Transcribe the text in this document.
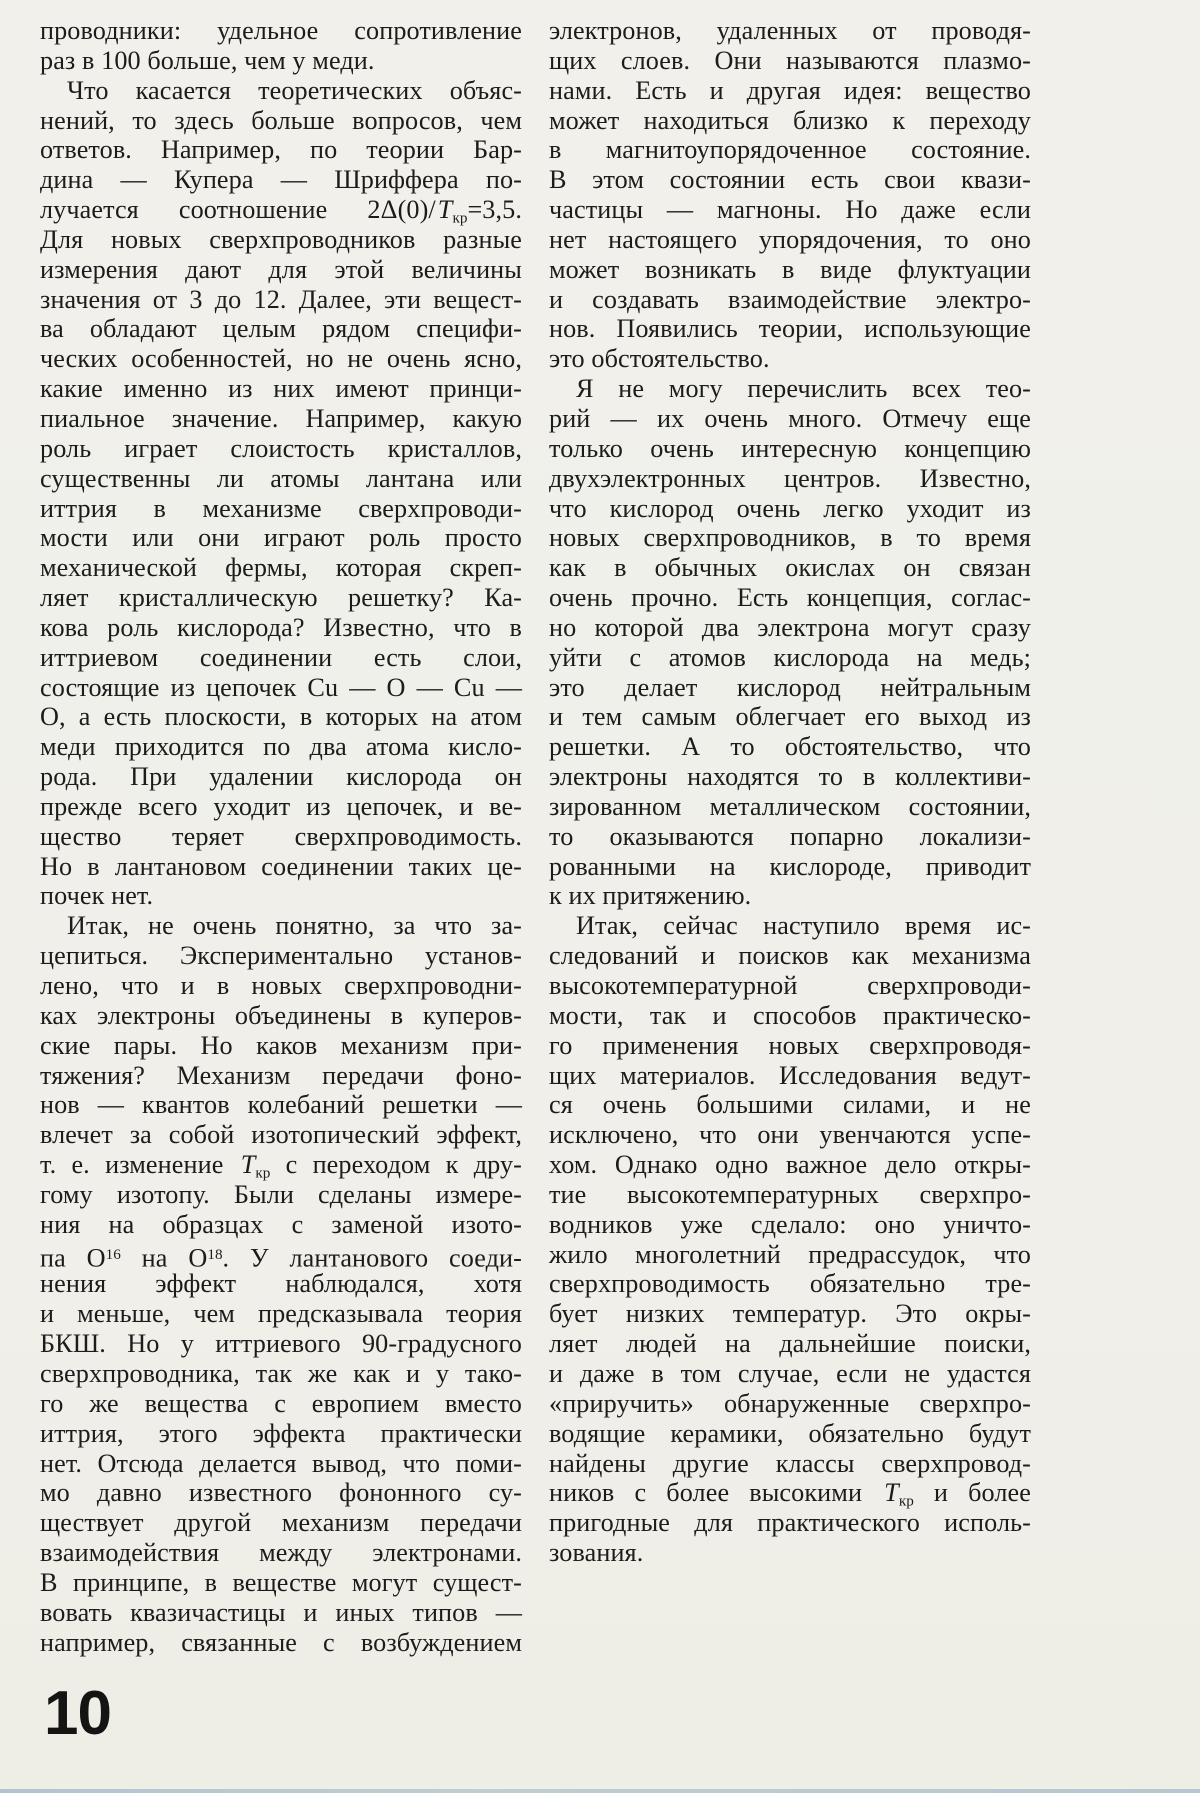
проводники: удельное сопротивление
раз в 100 больше, чем у меди.
Что касается теоретических объяс-
нений, то здесь больше вопросов, чем
ответов. Например, по теории Бар-
дина — Купера — Шриффера по-
лучается соотношение $2\Delta(0)/T_{кр}=3,5$.
Для новых сверхпроводников разные
измерения дают для этой величины
значения от 3 до 12. Далее, эти вещест-
ва обладают целым рядом специфи-
ческих особенностей, но не очень ясно,
какие именно из них имеют принци-
пиальное значение. Например, какую
роль играет слоистость кристаллов,
существенны ли атомы лантана или
иттрия в механизме сверхпроводи-
мости или они играют роль просто
механической фермы, которая скреп-
ляет кристаллическую решетку? Ка-
кова роль кислорода? Известно, что в
иттриевом соединении есть слои,
состоящие из цепочек Cu — O — Cu —
O, а есть плоскости, в которых на атом
меди приходится по два атома кисло-
рода. При удалении кислорода он
прежде всего уходит из цепочек, и ве-
щество теряет сверхпроводимость.
Но в лантановом соединении таких це-
почек нет.
Итак, не очень понятно, за что за-
цепиться. Экспериментально установ-
лено, что и в новых сверхпроводни-
ках электроны объединены в куперов-
ские пары. Но каков механизм при-
тяжения? Механизм передачи фоно-
нов — квантов колебаний решетки —
влечет за собой изотопический эффект,
т. е. изменение $T_{кр}$ с переходом к дру-
гому изотопу. Были сделаны измере-
ния на образцах с заменой изото-
па $O^{16}$ на $O^{18}$. У лантанового соеди-
нения эффект наблюдался, хотя
и меньше, чем предсказывала теория
БКШ. Но у иттриевого 90-градусного
сверхпроводника, так же как и у тако-
го же вещества с европием вместо
иттрия, этого эффекта практически
нет. Отсюда делается вывод, что поми-
мо давно известного фононного су-
ществует другой механизм передачи
взаимодействия между электронами.
В принципе, в веществе могут сущест-
вовать квазичастицы и иных типов —
например, связанные с возбуждением
электронов, удаленных от проводя-
щих слоев. Они называются плазмо-
нами. Есть и другая идея: вещество
может находиться близко к переходу
в магнитоупорядоченное состояние.
В этом состоянии есть свои квази-
частицы — магноны. Но даже если
нет настоящего упорядочения, то оно
может возникать в виде флуктуации
и создавать взаимодействие электро-
нов. Появились теории, использующие
это обстоятельство.
Я не могу перечислить всех тео-
рий — их очень много. Отмечу еще
только очень интересную концепцию
двухэлектронных центров. Известно,
что кислород очень легко уходит из
новых сверхпроводников, в то время
как в обычных окислах он связан
очень прочно. Есть концепция, соглас-
но которой два электрона могут сразу
уйти с атомов кислорода на медь;
это делает кислород нейтральным
и тем самым облегчает его выход из
решетки. А то обстоятельство, что
электроны находятся то в коллективи-
зированном металлическом состоянии,
то оказываются попарно локализи-
рованными на кислороде, приводит
к их притяжению.
Итак, сейчас наступило время ис-
следований и поисков как механизма
высокотемпературной сверхпроводи-
мости, так и способов практическо-
го применения новых сверхпроводя-
щих материалов. Исследования ведут-
ся очень большими силами, и не
исключено, что они увенчаются успе-
хом. Однако одно важное дело откры-
тие высокотемпературных сверхпро-
водников уже сделало: оно уничто-
жило многолетний предрассудок, что
сверхпроводимость обязательно тре-
бует низких температур. Это окры-
ляет людей на дальнейшие поиски,
и даже в том случае, если не удастся
«приручить» обнаруженные сверхпро-
водящие керамики, обязательно будут
найдены другие классы сверхпровод-
ников с более высокими $T_{кр}$ и более
пригодные для практического исполь-
зования.
10
